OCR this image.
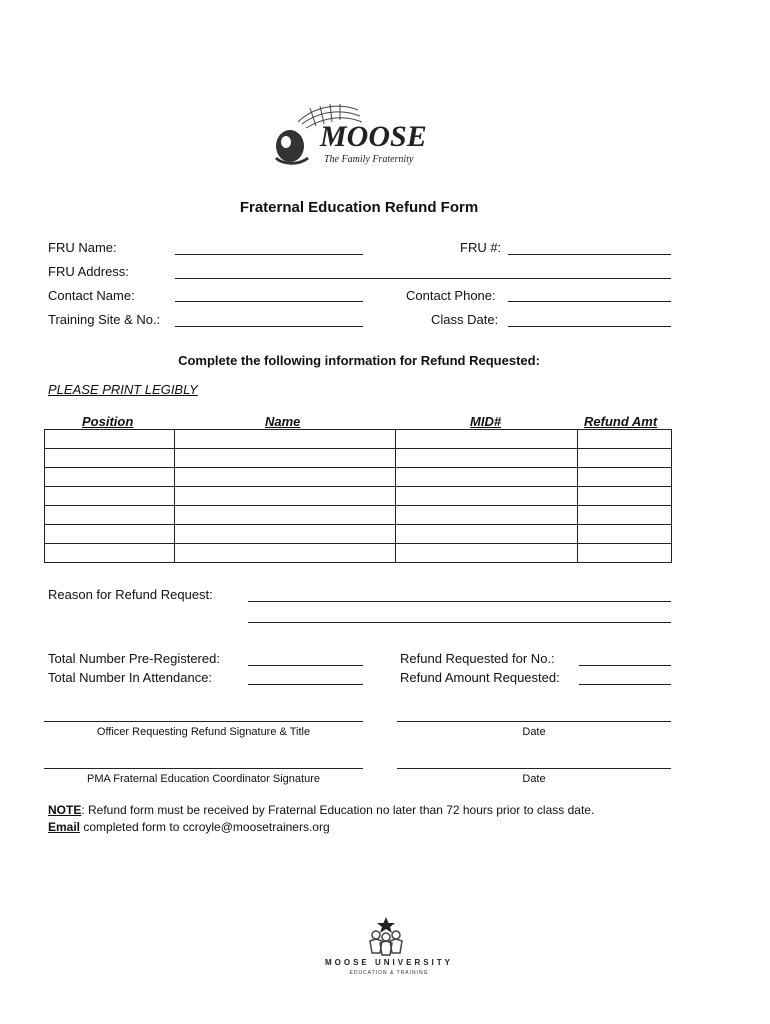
MOOSE
The Family Fraternity
Fraternal Education Refund Form
FRU Name:	FRU #:
FRU Address:
Contact Name:	Contact Phone:
Training Site & No.:	Class Date:
Complete the following information for Refund Requested:
PLEASE PRINT LEGIBLY
Position	Name	MID#	Refund Amt

Reason for Refund Request:
Total Number Pre-Registered:	Refund Requested for No.:
Total Number In Attendance:	Refund Amount Requested:
Officer Requesting Refund Signature & Title	Date
PMA Fraternal Education Coordinator Signature	Date
NOTE: Refund form must be received by Fraternal Education no later than 72 hours prior to class date.
Email completed form to ccroyle@moosetrainers.org
MOOSE UNIVERSITY
EDUCATION & TRAINING
